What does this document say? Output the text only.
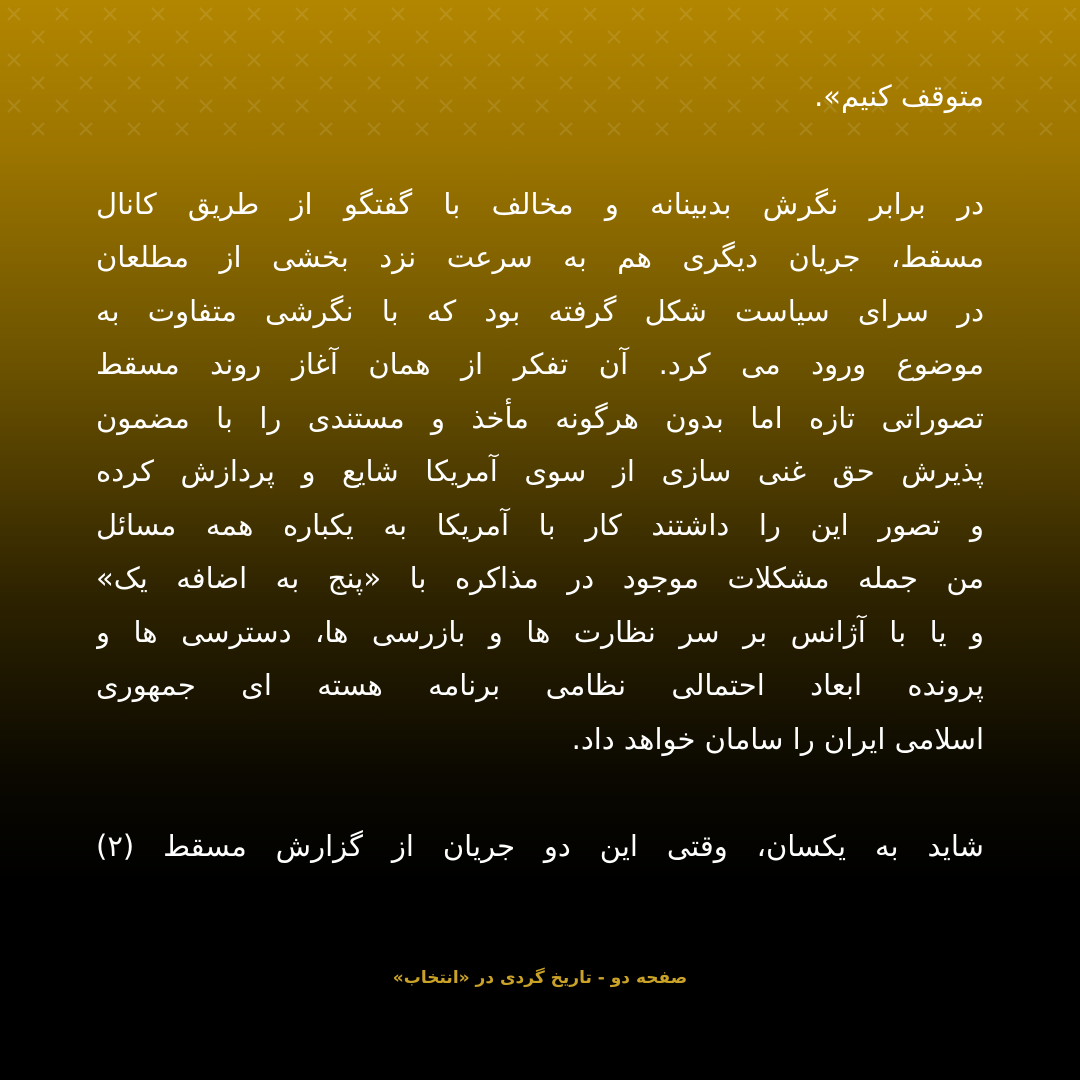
متوقف کنیم».
در برابر نگرش بدبینانه و مخالف با گفتگو از طریق کانال
مسقط، جریان دیگری هم به سرعت نزد بخشی از مطلعان
در سرای سیاست شکل گرفته بود که با نگرشی متفاوت به
موضوع ورود می کرد. آن تفکر از همان آغاز روند مسقط
تصوراتی تازه اما بدون هرگونه مأخذ و مستندی را با مضمون
پذیرش حق غنی سازی از سوی آمریکا شایع و پردازش کرده
و تصور این را داشتند کار با آمریکا به یکباره همه مسائل
من جمله مشکلات موجود در مذاکره با «پنج به اضافه یک»
و یا با آژانس بر سر نظارت ها و بازرسی ها، دسترسی ها و
پرونده ابعاد احتمالی نظامی برنامه هسته ای جمهوری
اسلامی ایران را سامان خواهد داد.
شاید به یکسان، وقتی این دو جریان از گزارش مسقط (۲)
صفحه دو - تاریخ گردی در «انتخاب»
